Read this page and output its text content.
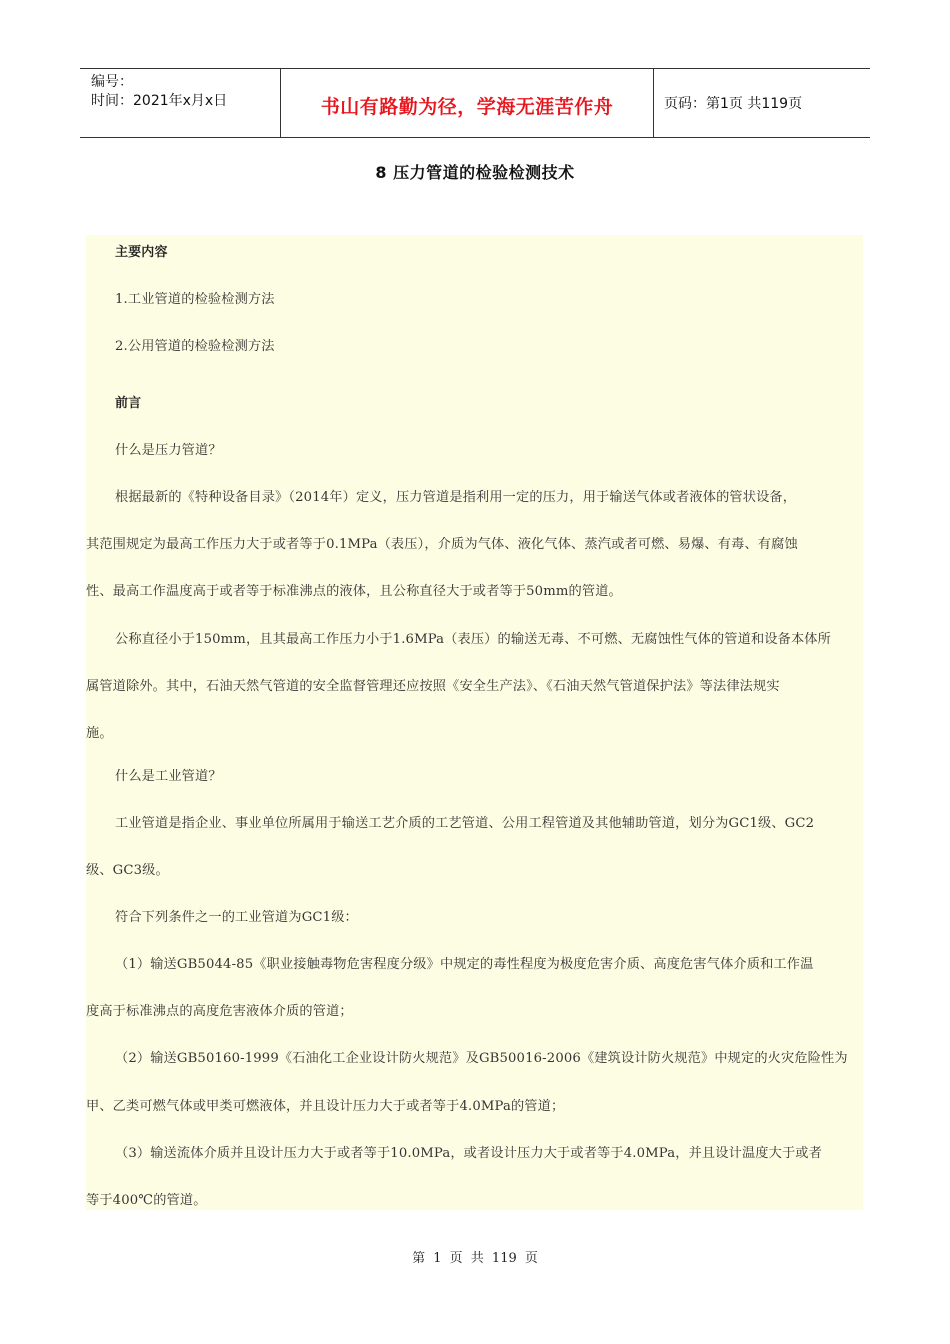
编号：
时间：2021年x月x日	书山有路勤为径，学海无涯苦作舟	页码：第1页 共119页
8 压力管道的检验检测技术
主要内容
1.工业管道的检验检测方法
2.公用管道的检验检测方法
前言
什么是压力管道？
根据最新的《特种设备目录》（2014年）定义，压力管道是指利用一定的压力，用于输送气体或者液体的管状设备，
其范围规定为最高工作压力大于或者等于0.1MPa（表压），介质为气体、液化气体、蒸汽或者可燃、易爆、有毒、有腐蚀
性、最高工作温度高于或者等于标准沸点的液体，且公称直径大于或者等于50mm的管道。
公称直径小于150mm，且其最高工作压力小于1.6MPa（表压）的输送无毒、不可燃、无腐蚀性气体的管道和设备本体所
属管道除外。其中，石油天然气管道的安全监督管理还应按照《安全生产法》、《石油天然气管道保护法》等法律法规实
施。
什么是工业管道？
工业管道是指企业、事业单位所属用于输送工艺介质的工艺管道、公用工程管道及其他辅助管道，划分为GC1级、GC2
级、GC3级。
符合下列条件之一的工业管道为GC1级：
（1）输送GB5044-85《职业接触毒物危害程度分级》中规定的毒性程度为极度危害介质、高度危害气体介质和工作温
度高于标准沸点的高度危害液体介质的管道；
（2）输送GB50160-1999《石油化工企业设计防火规范》及GB50016-2006《建筑设计防火规范》中规定的火灾危险性为
甲、乙类可燃气体或甲类可燃液体，并且设计压力大于或者等于4.0MPa的管道；
（3）输送流体介质并且设计压力大于或者等于10.0MPa，或者设计压力大于或者等于4.0MPa，并且设计温度大于或者
等于400℃的管道。
第 1 页 共 119 页
